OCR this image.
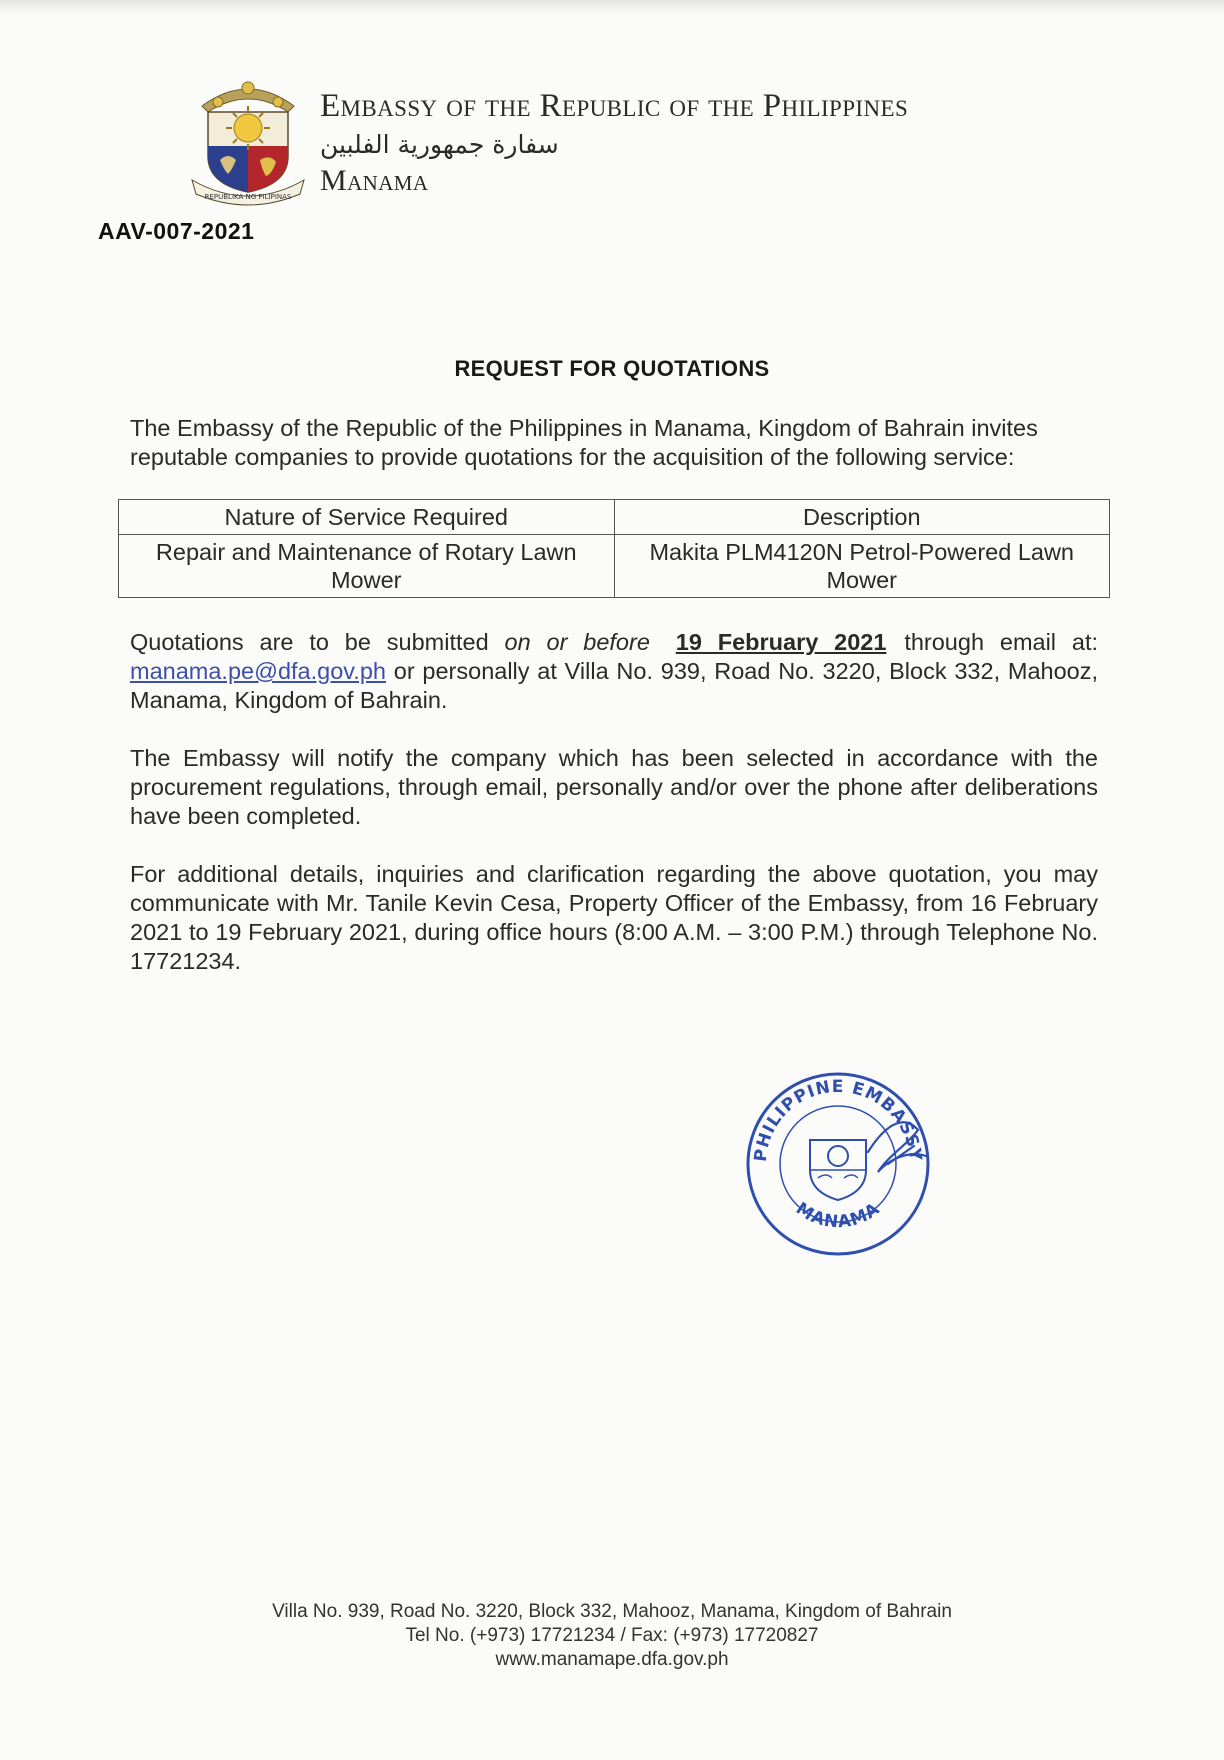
REPUBLIKA NG PILIPINAS
Embassy of the Republic of the Philippines
سفارة جمهورية الفلبين
Manama
AAV-007-2021
REQUEST FOR QUOTATIONS
The Embassy of the Republic of the Philippines in Manama, Kingdom of Bahrain invites reputable companies to provide quotations for the acquisition of the following service:
Nature of Service Required	Description
Repair and Maintenance of Rotary Lawn Mower	Makita PLM4120N Petrol-Powered Lawn Mower
Quotations are to be submitted on or before 19 February 2021 through email at: manama.pe@dfa.gov.ph or personally at Villa No. 939, Road No. 3220, Block 332, Mahooz, Manama, Kingdom of Bahrain.
The Embassy will notify the company which has been selected in accordance with the procurement regulations, through email, personally and/or over the phone after deliberations have been completed.
For additional details, inquiries and clarification regarding the above quotation, you may communicate with Mr. Tanile Kevin Cesa, Property Officer of the Embassy, from 16 February 2021 to 19 February 2021, during office hours (8:00 A.M. – 3:00 P.M.) through Telephone No. 17721234.
PHILIPPINE EMBASSY
MANAMA
Villa No. 939, Road No. 3220, Block 332, Mahooz, Manama, Kingdom of Bahrain
Tel No. (+973) 17721234 / Fax: (+973) 17720827
www.manamape.dfa.gov.ph
